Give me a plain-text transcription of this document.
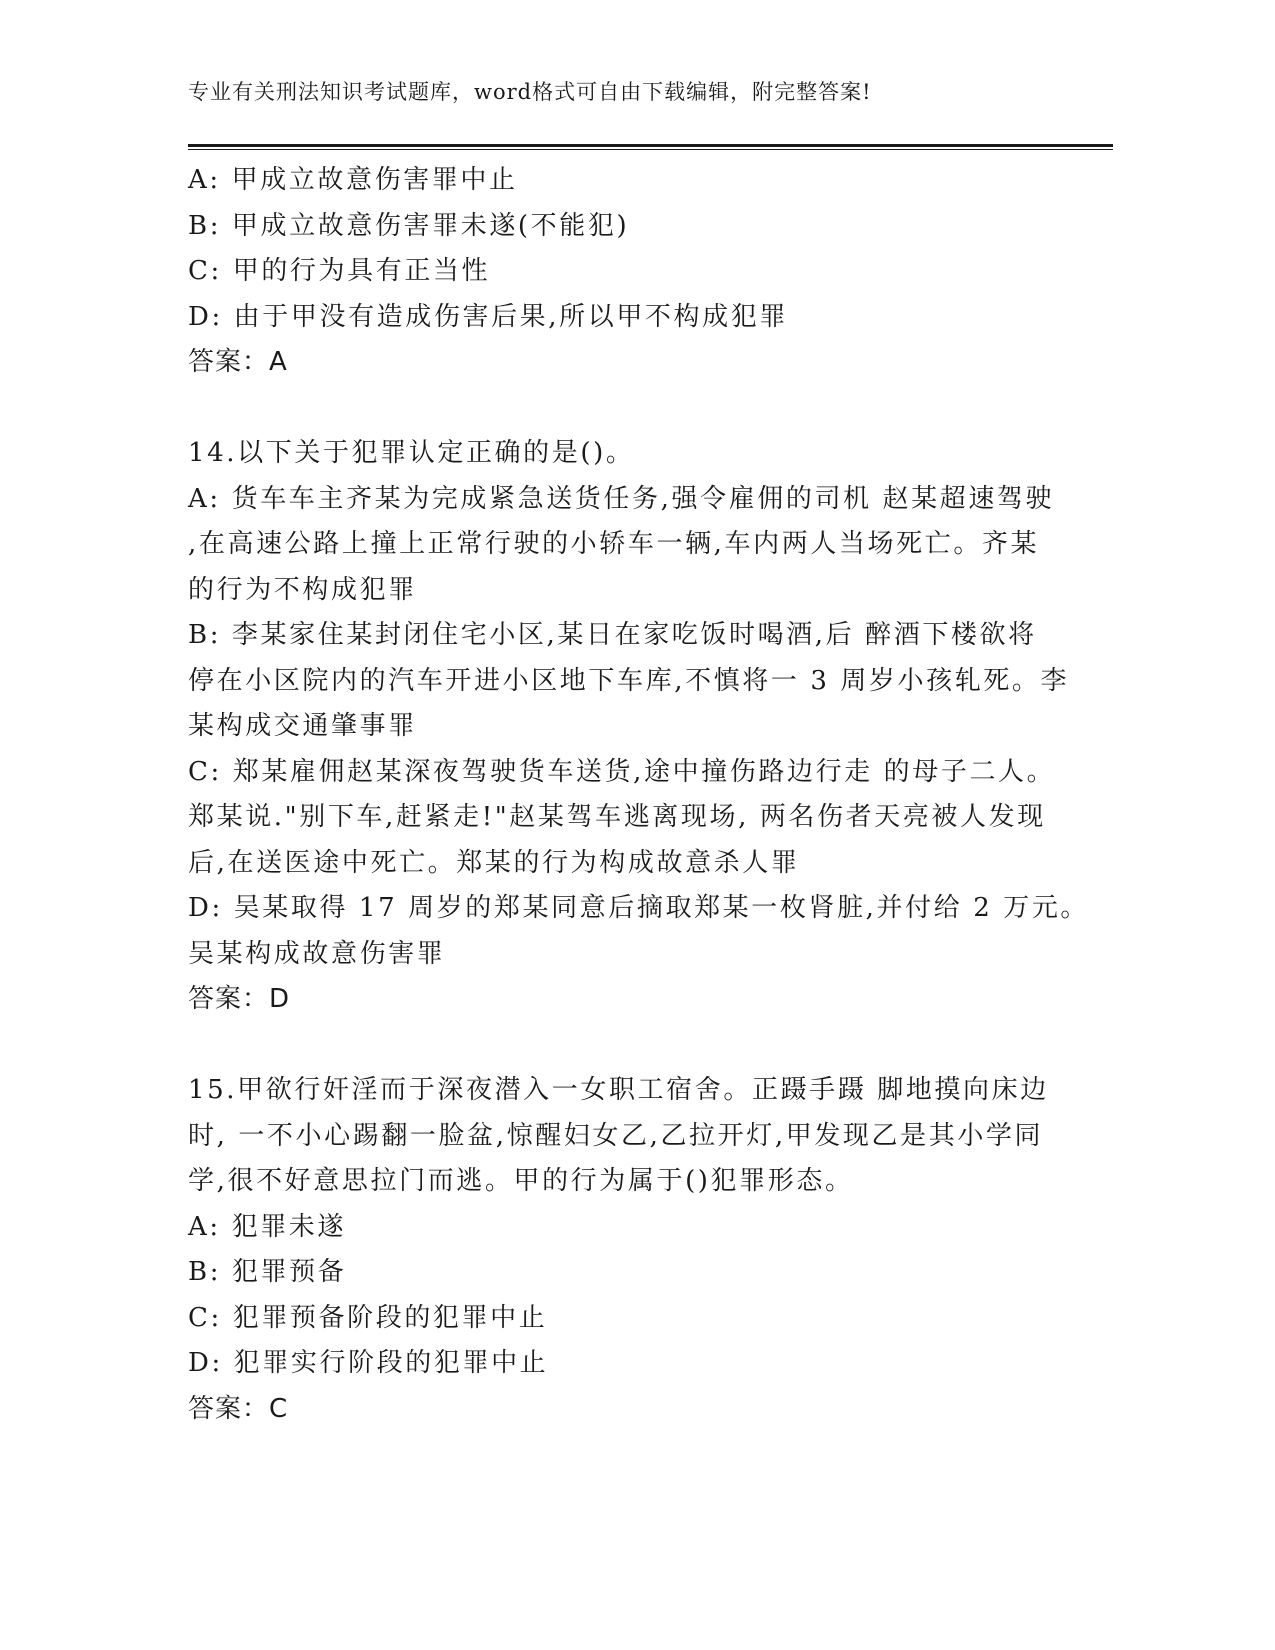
专业有关刑法知识考试题库，word格式可自由下载编辑，附完整答案!
A: 甲成立故意伤害罪中止
B: 甲成立故意伤害罪未遂(不能犯)
C: 甲的行为具有正当性
D: 由于甲没有造成伤害后果,所以甲不构成犯罪
答案：A
14.以下关于犯罪认定正确的是()。
A: 货车车主齐某为完成紧急送货任务,强令雇佣的司机 赵某超速驾驶
,在高速公路上撞上正常行驶的小轿车一辆,车内两人当场死亡。齐某
的行为不构成犯罪
B: 李某家住某封闭住宅小区,某日在家吃饭时喝酒,后 醉酒下楼欲将
停在小区院内的汽车开进小区地下车库,不慎将一 3 周岁小孩轧死。李
某构成交通肇事罪
C: 郑某雇佣赵某深夜驾驶货车送货,途中撞伤路边行走 的母子二人。
郑某说."别下车,赶紧走!"赵某驾车逃离现场, 两名伤者天亮被人发现
后,在送医途中死亡。郑某的行为构成故意杀人罪
D: 吴某取得 17 周岁的郑某同意后摘取郑某一枚肾脏,并付给 2 万元。
吴某构成故意伤害罪
答案：D
15.甲欲行奸淫而于深夜潜入一女职工宿舍。正蹑手蹑 脚地摸向床边
时, 一不小心踢翻一脸盆,惊醒妇女乙,乙拉开灯,甲发现乙是其小学同
学,很不好意思拉门而逃。甲的行为属于()犯罪形态。
A: 犯罪未遂
B: 犯罪预备
C: 犯罪预备阶段的犯罪中止
D: 犯罪实行阶段的犯罪中止
答案：C
